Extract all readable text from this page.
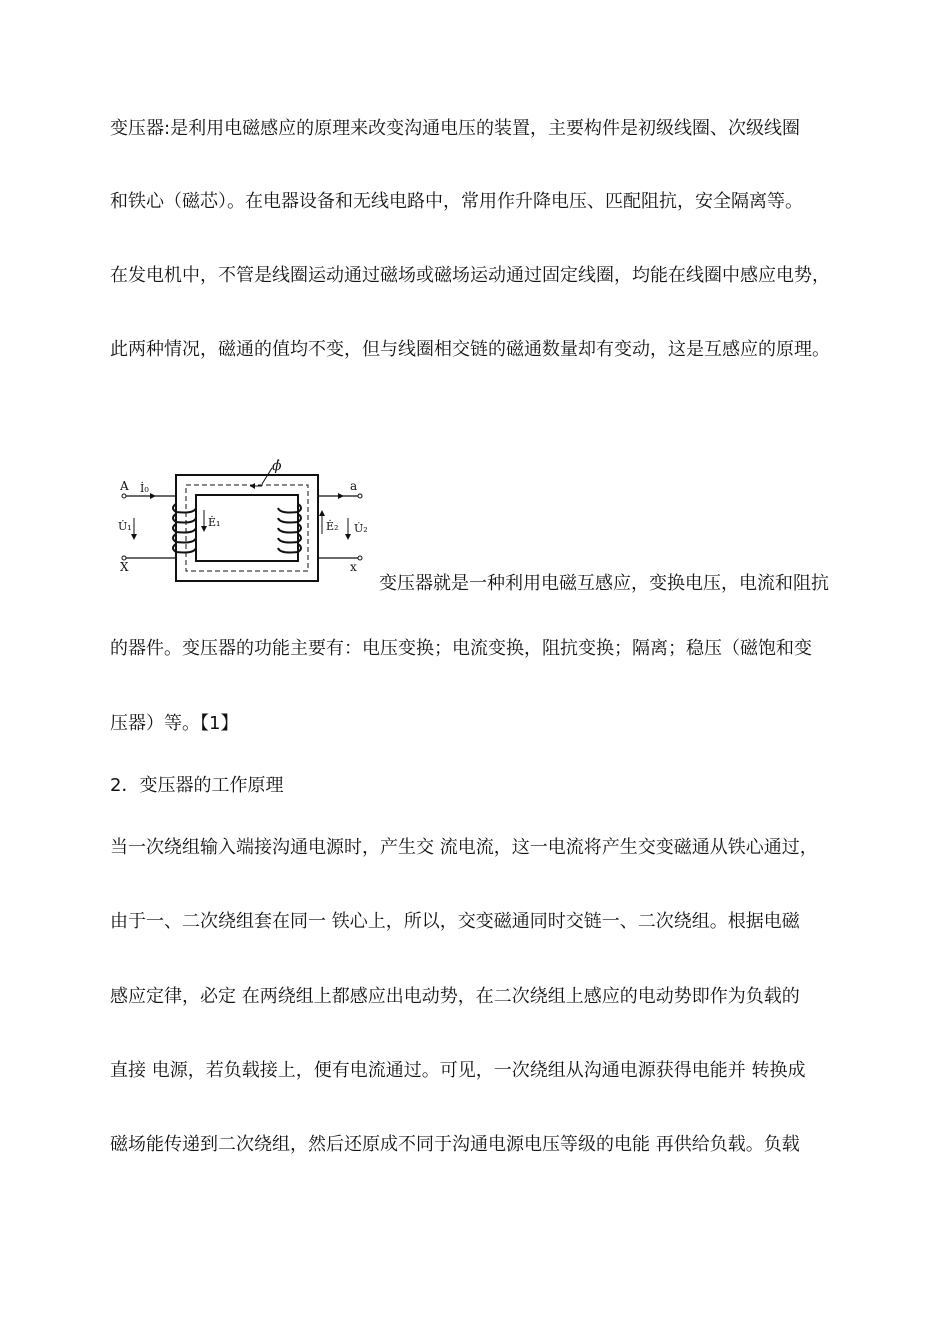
变压器:是利用电磁感应的原理来改变沟通电压的装置，主要构件是初级线圈、次级线圈
和铁心（磁芯）。在电器设备和无线电路中，常用作升降电压、匹配阻抗，安全隔离等。
在发电机中，不管是线圈运动通过磁场或磁场运动通过固定线圈，均能在线圈中感应电势，
此两种情况，磁通的值均不变，但与线圈相交链的磁通数量却有变动，这是互感应的原理。
ϕ̇
A
X
İ₀
U̇₁	Ė₁
a
x
Ė₂ U̇₂
变压器就是一种利用电磁互感应，变换电压，电流和阻抗
的器件。变压器的功能主要有：电压变换；电流变换，阻抗变换；隔离；稳压（磁饱和变
压器）等。【1】
2．变压器的工作原理
当一次绕组输入端接沟通电源时，产生交 流电流，这一电流将产生交变磁通从铁心通过，
由于一、二次绕组套在同一 铁心上，所以，交变磁通同时交链一、二次绕组。根据电磁
感应定律，必定 在两绕组上都感应出电动势，在二次绕组上感应的电动势即作为负载的
直接 电源，若负载接上，便有电流通过。可见，一次绕组从沟通电源获得电能并 转换成
磁场能传递到二次绕组，然后还原成不同于沟通电源电压等级的电能 再供给负载。负载
